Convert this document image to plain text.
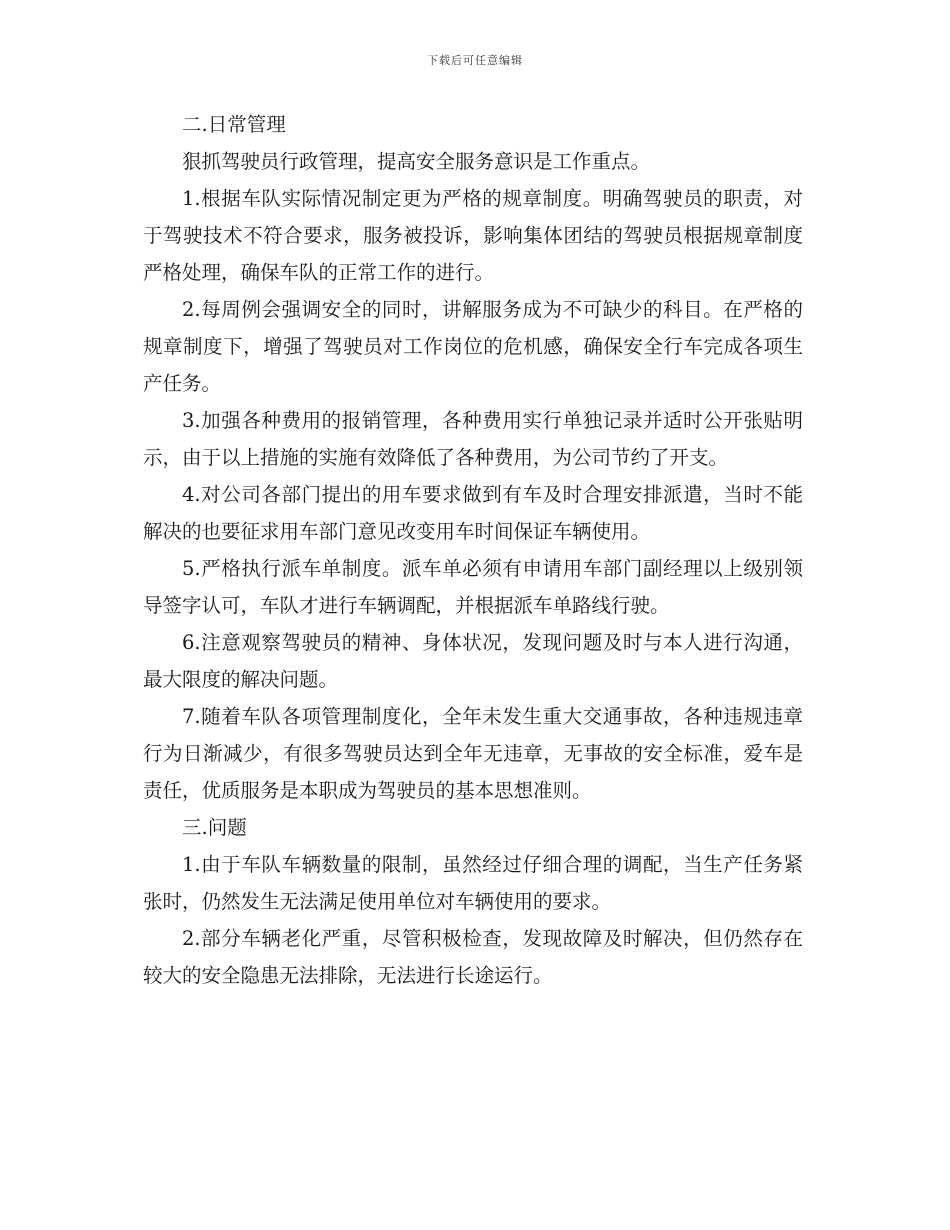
下载后可任意编辑

二.日常管理

狠抓驾驶员行政管理，提高安全服务意识是工作重点。

1.根据车队实际情况制定更为严格的规章制度。明确驾驶员的职责，对于驾驶技术不符合要求，服务被投诉，影响集体团结的驾驶员根据规章制度严格处理，确保车队的正常工作的进行。

2.每周例会强调安全的同时，讲解服务成为不可缺少的科目。在严格的规章制度下，增强了驾驶员对工作岗位的危机感，确保安全行车完成各项生产任务。

3.加强各种费用的报销管理，各种费用实行单独记录并适时公开张贴明示，由于以上措施的实施有效降低了各种费用，为公司节约了开支。

4.对公司各部门提出的用车要求做到有车及时合理安排派遣，当时不能解决的也要征求用车部门意见改变用车时间保证车辆使用。

5.严格执行派车单制度。派车单必须有申请用车部门副经理以上级别领导签字认可，车队才进行车辆调配，并根据派车单路线行驶。

6.注意观察驾驶员的精神、身体状况，发现问题及时与本人进行沟通，最大限度的解决问题。

7.随着车队各项管理制度化，全年未发生重大交通事故，各种违规违章行为日渐减少，有很多驾驶员达到全年无违章，无事故的安全标准，爱车是责任，优质服务是本职成为驾驶员的基本思想准则。

三.问题

1.由于车队车辆数量的限制，虽然经过仔细合理的调配，当生产任务紧张时，仍然发生无法满足使用单位对车辆使用的要求。

2.部分车辆老化严重，尽管积极检查，发现故障及时解决，但仍然存在较大的安全隐患无法排除，无法进行长途运行。
